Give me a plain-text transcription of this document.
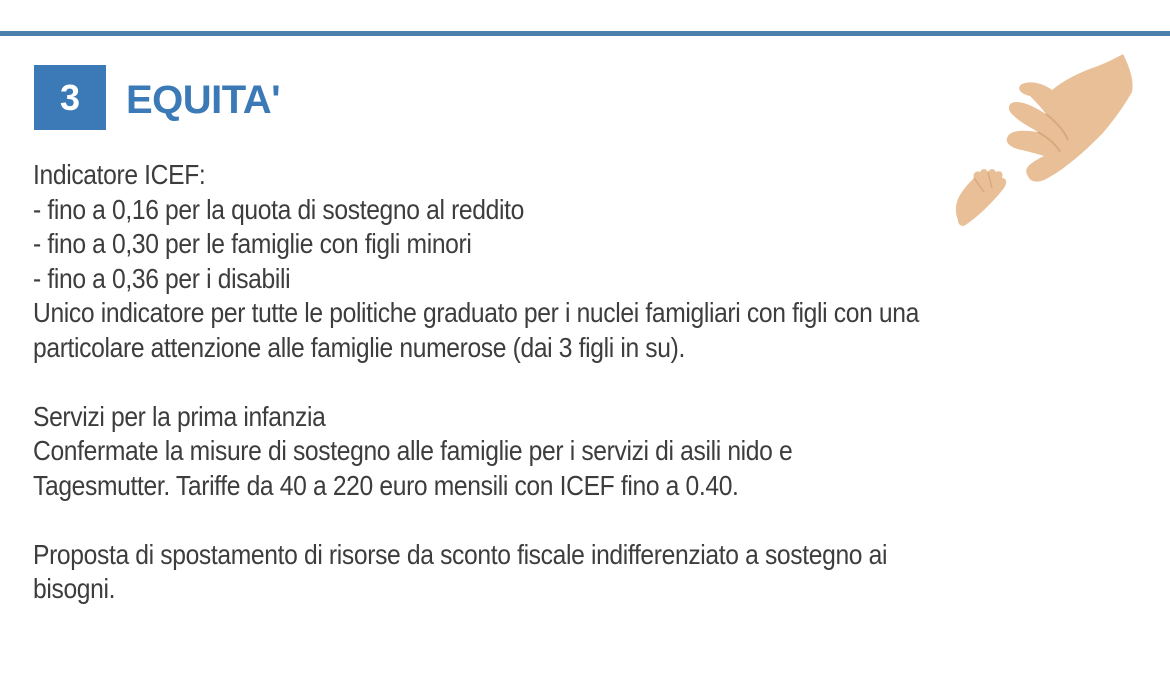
3	EQUITA'
Indicatore ICEF:
- fino a 0,16 per la quota di sostegno al reddito
- fino a 0,30 per le famiglie con figli minori
- fino a 0,36 per i disabili
Unico indicatore per tutte le politiche graduato per i nuclei famigliari con figli con una
particolare attenzione alle famiglie numerose (dai 3 figli in su).
Servizi per la prima infanzia
Confermate la misure di sostegno alle famiglie per i servizi di asili nido e
Tagesmutter. Tariffe da 40 a 220 euro mensili con ICEF fino a 0.40.
Proposta di spostamento di risorse da sconto fiscale indifferenziato a sostegno ai
bisogni.
